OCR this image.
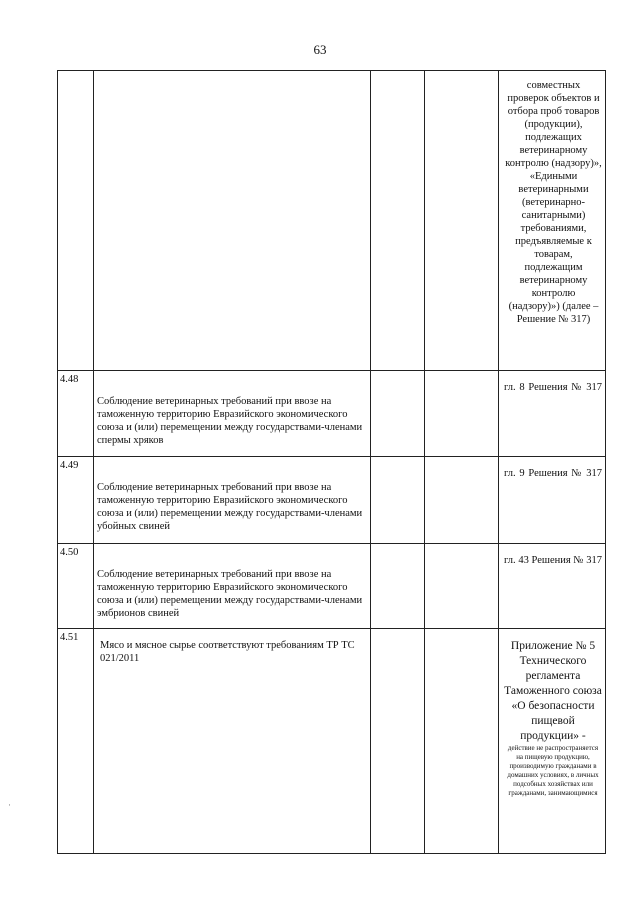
63
·
				совместных проверок объектов и отбора проб товаров (продукции), подлежащих ветеринарному контролю (надзору)», «Едиными ветеринарными (ветеринарно-санитарными) требованиями, предъявляемые к товарам, подлежащим ветеринарному контролю (надзору)») (далее – Решение № 317)
4.48	Соблюдение ветеринарных требований при ввозе на таможенную территорию Евразийского экономического союза и (или) перемещении между государствами-членами спермы хряков			гл. 8 Решения № 317
4.49	Соблюдение ветеринарных требований при ввозе на таможенную территорию Евразийского экономического союза и (или) перемещении между государствами-членами убойных свиней			гл. 9 Решения № 317
4.50	Соблюдение ветеринарных требований при ввозе на таможенную территорию Евразийского экономического союза и (или) перемещении между государствами-членами эмбрионов свиней			гл. 43 Решения № 317
4.51	Мясо и мясное сырье соответствуют требованиям ТР ТС 021/2011			Приложение № 5 Технического регламента Таможенного союза «О безопасности пищевой продукции» -
действие не распространяется на пищевую продукцию, производимую гражданами в домашних условиях, в личных подсобных хозяйствах или гражданами, занимающимися
